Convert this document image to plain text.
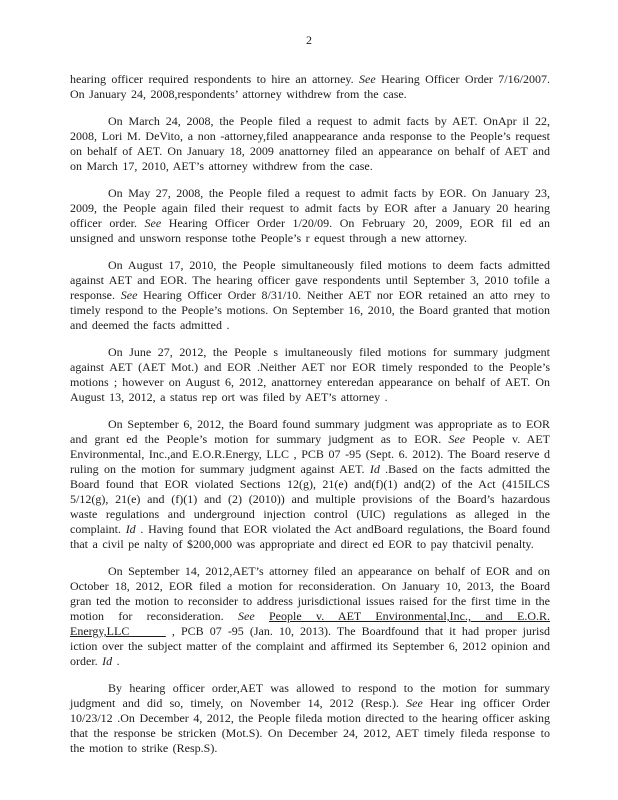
2

hearing officer required respondents to hire an attorney. See Hearing Officer Order 7/16/2007. On January 24, 2008,respondents’ attorney withdrew from the case.

On March 24, 2008, the People filed a request to admit facts by AET. OnApr il 22, 2008, Lori M. DeVito, a non -attorney,filed anappearance anda response to the People’s request on behalf of AET. On January 18, 2009 anattorney filed an appearance on behalf of AET and on March 17, 2010, AET’s attorney withdrew from the case.

On May 27, 2008, the People filed a request to admit facts by EOR. On January 23, 2009, the People again filed their request to admit facts by EOR after a January 20 hearing officer order. See Hearing Officer Order 1/20/09. On February 20, 2009, EOR fil ed an unsigned and unsworn response tothe People’s r equest through a new attorney.

On August 17, 2010, the People simultaneously filed motions to deem facts admitted against AET and EOR. The hearing officer gave respondents until September 3, 2010 tofile a response. See Hearing Officer Order 8/31/10. Neither AET nor EOR retained an atto rney to timely respond to the People’s motions. On September 16, 2010, the Board granted that motion and deemed the facts admitted .

On June 27, 2012, the People s imultaneously filed motions for summary judgment against AET (AET Mot.) and EOR .Neither AET nor EOR timely responded to the People’s motions ; however on August 6, 2012, anattorney enteredan appearance on behalf of AET. On August 13, 2012, a status rep ort was filed by AET’s attorney .

On September 6, 2012, the Board found summary judgment was appropriate as to EOR and grant ed the People’s motion for summary judgment as to EOR. See People v. AET Environmental, Inc.,and E.O.R.Energy, LLC , PCB 07 -95 (Sept. 6. 2012). The Board reserve d ruling on the motion for summary judgment against AET. Id .Based on the facts admitted the Board found that EOR violated Sections 12(g), 21(e) and(f)(1) and(2) of the Act (415ILCS 5/12(g), 21(e) and (f)(1) and (2) (2010)) and multiple provisions of the Board’s hazardous waste regulations and underground injection control (UIC) regulations as alleged in the complaint. Id . Having found that EOR violated the Act andBoard regulations, the Board found that a civil pe nalty of $200,000 was appropriate and direct ed EOR to pay thatcivil penalty.

On September 14, 2012,AET’s attorney filed an appearance on behalf of EOR and on October 18, 2012, EOR filed a motion for reconsideration. On January 10, 2013, the Board gran ted the motion to reconsider to address jurisdictional issues raised for the first time in the motion for reconsideration. See People v. AET Environmental,Inc., and E.O.R. Energy,LLC       , PCB 07 -95 (Jan. 10, 2013). The Boardfound that it had proper jurisd iction over the subject matter of the complaint and affirmed its September 6, 2012 opinion and order. Id .

By hearing officer order,AET was allowed to respond to the motion for summary judgment and did so, timely, on November 14, 2012 (Resp.). See Hear ing officer Order 10/23/12 .On December 4, 2012, the People fileda motion directed to the hearing officer asking that the response be stricken (Mot.S). On December 24, 2012, AET timely fileda response to the motion to strike (Resp.S).
